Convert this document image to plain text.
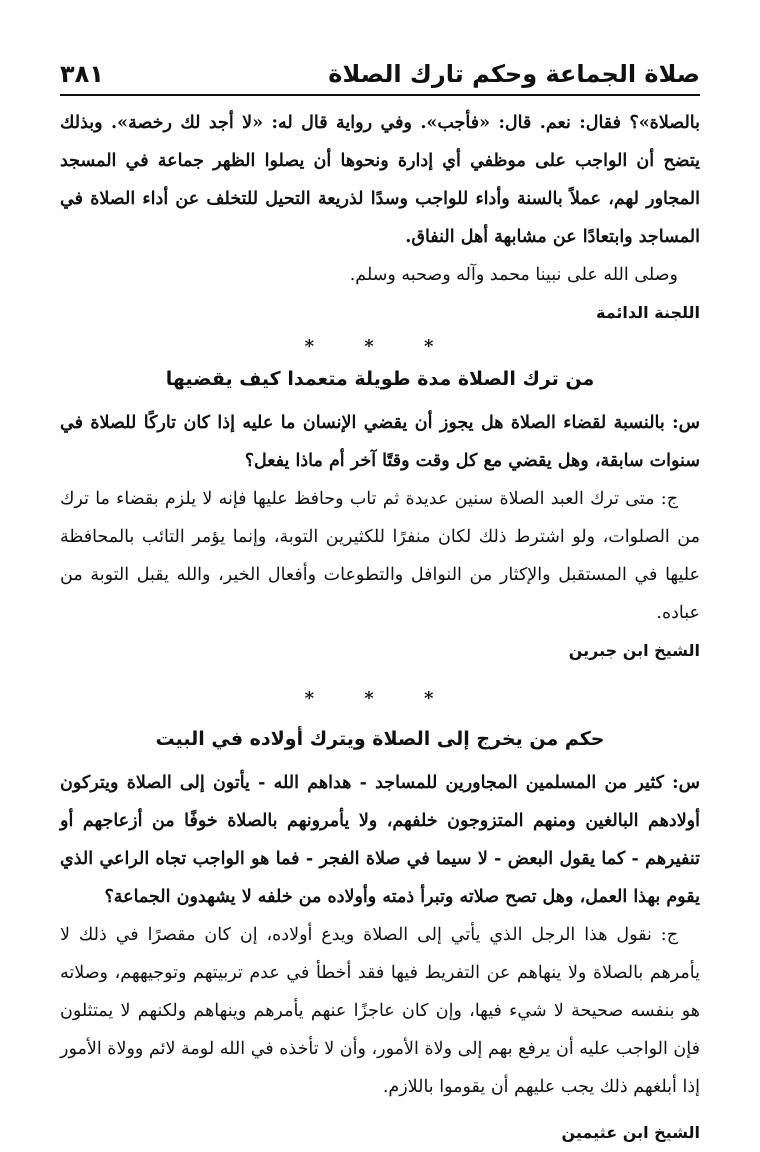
صلاة الجماعة وحكم تارك الصلاة
٣٨١

بالصلاة»؟ فقال: نعم. قال: «فأجب». وفي رواية قال له: «لا أجد لك رخصة». وبذلك يتضح أن الواجب على موظفي أي إدارة ونحوها أن يصلوا الظهر جماعة في المسجد المجاور لهم، عملاً بالسنة وأداء للواجب وسدًا لذريعة التحيل للتخلف عن أداء الصلاة في المساجد وابتعادًا عن مشابهة أهل النفاق.

وصلى الله على نبينا محمد وآله وصحبه وسلم.

اللجنة الدائمة
* * *
من ترك الصلاة مدة طويلة متعمدا كيف يقضيها

س: بالنسبة لقضاء الصلاة هل يجوز أن يقضي الإنسان ما عليه إذا كان تاركًا للصلاة في سنوات سابقة، وهل يقضي مع كل وقت وقتًا آخر أم ماذا يفعل؟

ج: متى ترك العبد الصلاة سنين عديدة ثم تاب وحافظ عليها فإنه لا يلزم بقضاء ما ترك من الصلوات، ولو اشترط ذلك لكان منفرًا للكثيرين التوبة، وإنما يؤمر التائب بالمحافظة عليها في المستقبل والإكثار من النوافل والتطوعات وأفعال الخير، والله يقبل التوبة من عباده.

الشيخ ابن جبرين
* * *
حكم من يخرج إلى الصلاة ويترك أولاده في البيت

س: كثير من المسلمين المجاورين للمساجد - هداهم الله - يأتون إلى الصلاة ويتركون أولادهم البالغين ومنهم المتزوجون خلفهم، ولا يأمرونهم بالصلاة خوفًا من أزعاجهم أو تنفيرهم - كما يقول البعض - لا سيما في صلاة الفجر - فما هو الواجب تجاه الراعي الذي يقوم بهذا العمل، وهل تصح صلاته وتبرأ ذمته وأولاده من خلفه لا يشهدون الجماعة؟

ج: نقول هذا الرجل الذي يأتي إلى الصلاة ويدع أولاده، إن كان مقصرًا في ذلك لا يأمرهم بالصلاة ولا ينهاهم عن التفريط فيها فقد أخطأ في عدم تربيتهم وتوجيههم، وصلاته هو بنفسه صحيحة لا شيء فيها، وإن كان عاجزًا عنهم يأمرهم وينهاهم ولكنهم لا يمتثلون فإن الواجب عليه أن يرفع بهم إلى ولاة الأمور، وأن لا تأخذه في الله لومة لائم وولاة الأمور إذا أبلغهم ذلك يجب عليهم أن يقوموا باللازم.

الشيخ ابن عثيمين
